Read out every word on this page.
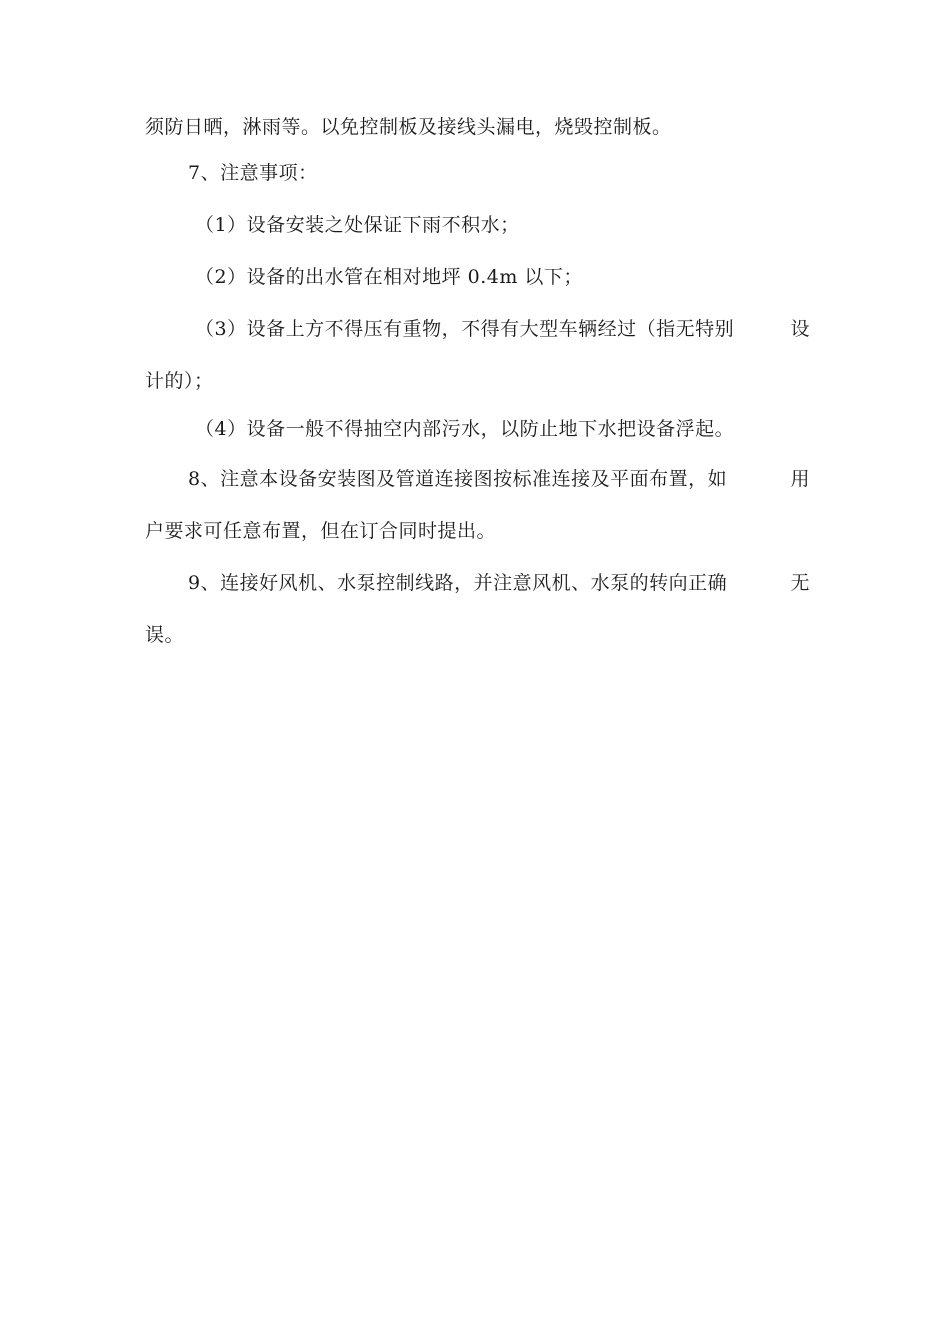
须防日晒，淋雨等。以免控制板及接线头漏电，烧毁控制板。
7、注意事项：
（1）设备安装之处保证下雨不积水；
（2）设备的出水管在相对地坪 0.4m 以下；
（3）设备上方不得压有重物，不得有大型车辆经过（指无特别	设
计的）；
（4）设备一般不得抽空内部污水，以防止地下水把设备浮起。
8、注意本设备安装图及管道连接图按标准连接及平面布置，如	用
户要求可任意布置，但在订合同时提出。
9、连接好风机、水泵控制线路，并注意风机、水泵的转向正确	无
误。
